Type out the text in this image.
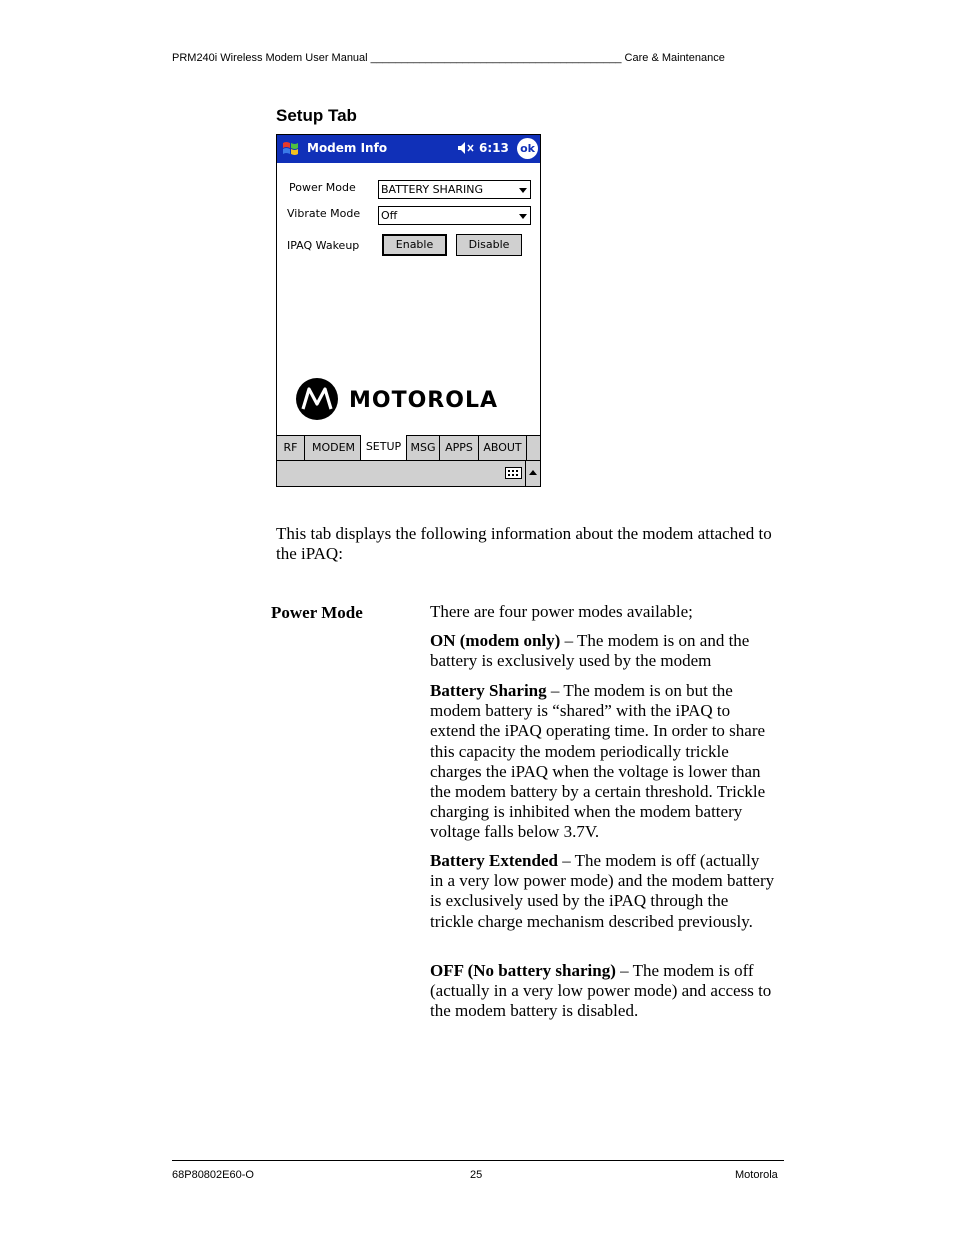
PRM240i Wireless Modem User Manual _________________________________________ Care & Maintenance
Setup Tab
Modem Info	6:13 ok
Power Mode BATTERY SHARING
Vibrate Mode Off
IPAQ Wakeup	Enable	Disable
MOTOROLA
RF	MODEM SETUP MSG APPS ABOUT
This tab displays the following information about the modem attached to the iPAQ:
Power Mode	There are four power modes available;
ON (modem only) – The modem is on and the battery is exclusively used by the modem
Battery Sharing – The modem is on but the modem battery is “shared” with the iPAQ to extend the iPAQ operating time. In order to share this capacity the modem periodically trickle charges the iPAQ when the voltage is lower than the modem battery by a certain threshold. Trickle charging is inhibited when the modem battery voltage falls below 3.7V.
Battery Extended – The modem is off (actually in a very low power mode) and the modem battery is exclusively used by the iPAQ through the trickle charge mechanism described previously.
OFF (No battery sharing) – The modem is off (actually in a very low power mode) and access to the modem battery is disabled.
68P80802E60-O	25	Motorola
